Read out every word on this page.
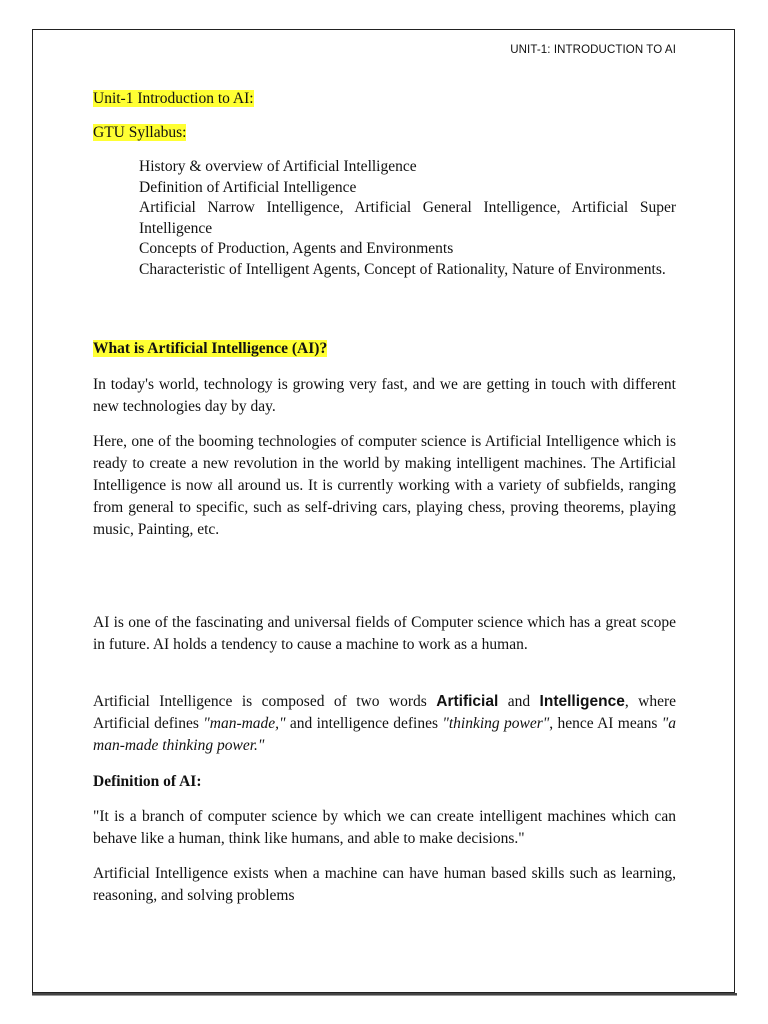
UNIT-1: INTRODUCTION TO AI
Unit-1 Introduction to AI:
GTU Syllabus:
History & overview of Artificial Intelligence
Definition of Artificial Intelligence
Artificial Narrow Intelligence, Artificial General Intelligence, Artificial Super Intelligence
Concepts of Production, Agents and Environments
Characteristic of Intelligent Agents, Concept of Rationality, Nature of Environments.
What is Artificial Intelligence (AI)?

In today's world, technology is growing very fast, and we are getting in touch with different new technologies day by day.

Here, one of the booming technologies of computer science is Artificial Intelligence which is ready to create a new revolution in the world by making intelligent machines. The Artificial Intelligence is now all around us. It is currently working with a variety of subfields, ranging from general to specific, such as self-driving cars, playing chess, proving theorems, playing music, Painting, etc.

AI is one of the fascinating and universal fields of Computer science which has a great scope in future. AI holds a tendency to cause a machine to work as a human.

Artificial Intelligence is composed of two words Artificial and Intelligence, where Artificial defines "man-made," and intelligence defines "thinking power", hence AI means "a man-made thinking power."

Definition of AI:

"It is a branch of computer science by which we can create intelligent machines which can behave like a human, think like humans, and able to make decisions."

Artificial Intelligence exists when a machine can have human based skills such as learning, reasoning, and solving problems
